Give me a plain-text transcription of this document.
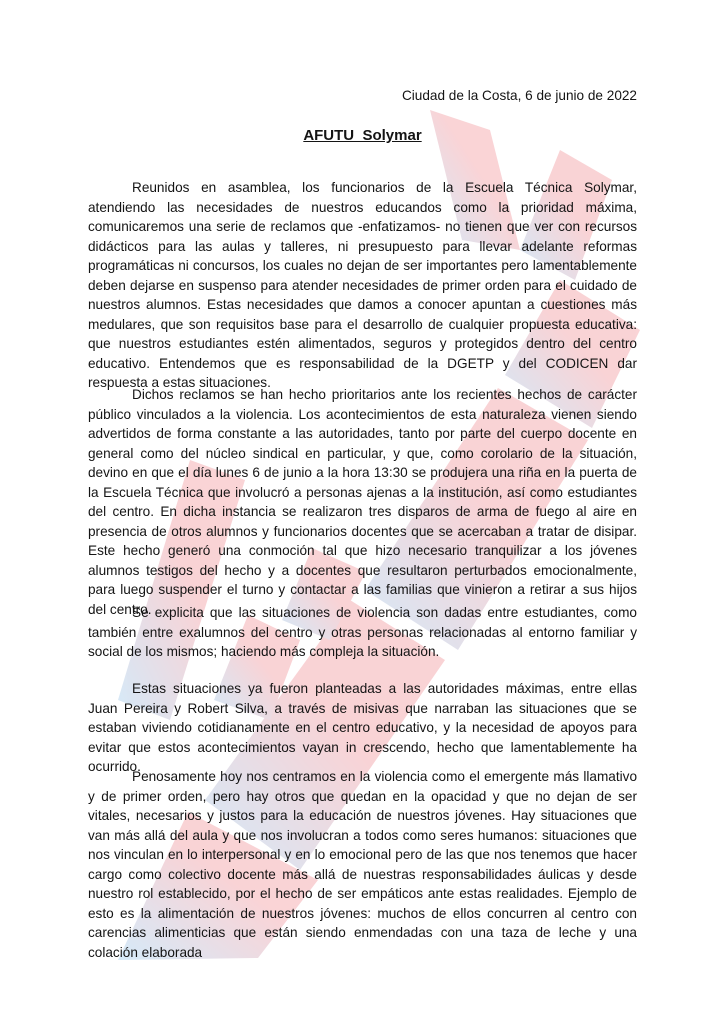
Ciudad de la Costa, 6 de junio de 2022
AFUTU  Solymar

Reunidos en asamblea, los funcionarios de la Escuela Técnica Solymar, atendiendo las necesidades de nuestros educandos como la prioridad máxima, comunicaremos una serie de reclamos que -enfatizamos- no tienen que ver con recursos didácticos para las aulas y talleres, ni presupuesto para llevar adelante reformas programáticas ni concursos, los cuales no dejan de ser importantes pero lamentablemente deben dejarse en suspenso para atender necesidades de primer orden para el cuidado de nuestros alumnos. Estas necesidades que damos a conocer apuntan a cuestiones más medulares, que son requisitos base para el desarrollo de cualquier propuesta educativa: que nuestros estudiantes estén alimentados, seguros y protegidos dentro del centro educativo. Entendemos que es responsabilidad de la DGETP y del CODICEN dar respuesta a estas situaciones.

Dichos reclamos se han hecho prioritarios ante los recientes hechos de carácter público vinculados a la violencia. Los acontecimientos de esta naturaleza vienen siendo advertidos de forma constante a las autoridades, tanto por parte del cuerpo docente en general como del núcleo sindical en particular, y que, como corolario de la situación, devino en que el día lunes 6 de junio a la hora 13:30 se produjera una riña en la puerta de la Escuela Técnica que involucró a personas ajenas a la institución, así como estudiantes del centro. En dicha instancia se realizaron tres disparos de arma de fuego al aire en presencia de otros alumnos y funcionarios docentes que se acercaban a tratar de disipar. Este hecho generó una conmoción tal que hizo necesario tranquilizar a los jóvenes alumnos testigos del hecho y a docentes que resultaron perturbados emocionalmente, para luego suspender el turno y contactar a las familias que vinieron a retirar a sus hijos del centro.

Se explicita que las situaciones de violencia son dadas entre estudiantes, como también entre exalumnos del centro y otras personas relacionadas al entorno familiar y social de los mismos; haciendo más compleja la situación.

Estas situaciones ya fueron planteadas a las autoridades máximas, entre ellas Juan Pereira y Robert Silva, a través de misivas que narraban las situaciones que se estaban viviendo cotidianamente en el centro educativo, y la necesidad de apoyos para evitar que estos acontecimientos vayan in crescendo, hecho que lamentablemente ha ocurrido.

Penosamente hoy nos centramos en la violencia como el emergente más llamativo y de primer orden, pero hay otros que quedan en la opacidad y que no dejan de ser vitales, necesarios y justos para la educación de nuestros jóvenes. Hay situaciones que van más allá del aula y que nos involucran a todos como seres humanos: situaciones que nos vinculan en lo interpersonal y en lo emocional pero de las que nos tenemos que hacer cargo como colectivo docente más allá de nuestras responsabilidades áulicas y desde nuestro rol establecido, por el hecho de ser empáticos ante estas realidades. Ejemplo de esto es la alimentación de nuestros jóvenes: muchos de ellos concurren al centro con carencias alimenticias que están siendo enmendadas con una taza de leche y una colación elaborada
